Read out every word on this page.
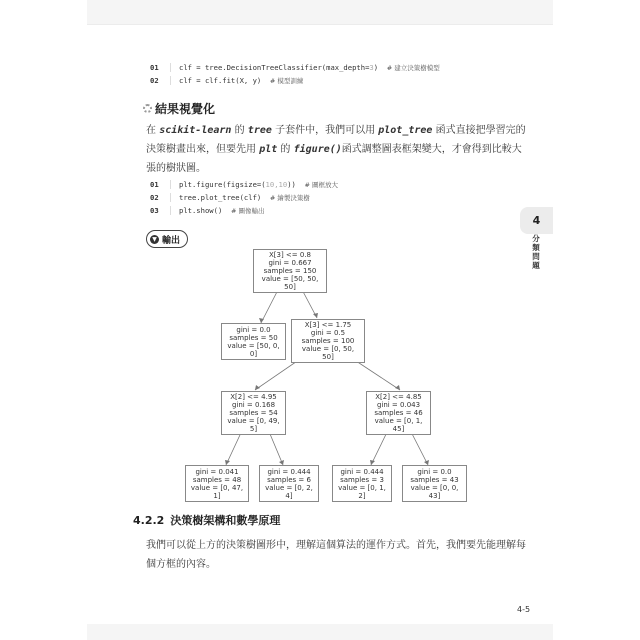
01	clf = tree.DecisionTreeClassifier(max_depth= 3 )
# 建立決策樹模型
02	clf = clf.fit(X, y)
# 模型訓練
結果視覺化
在 scikit-learn 的 tree 子套件中，我們可以用 plot_tree 函式直接把學習完的決策樹畫出來，但要先用 plt 的 figure()函式調整圖表框架變大，才會得到比較大張的樹狀圖。
01	plt.figure(figsize=( 10,10 ))
# 圖框放大
02	tree.plot_tree(clf)
# 繪製決策樹
03	plt.show()
# 圖像輸出
4
分類問題
▼ 輸出
X[3] <= 0.8
gini = 0.667
samples = 150
value = [50, 50, 50]
gini = 0.0
samples = 50
value = [50, 0, 0]
X[3] <= 1.75
gini = 0.5
samples = 100
value = [0, 50, 50]
X[2] <= 4.95
gini = 0.168
samples = 54
value = [0, 49, 5]
X[2] <= 4.85
gini = 0.043
samples = 46
value = [0, 1, 45]
gini = 0.041
samples = 48
value = [0, 47, 1]
gini = 0.444
samples = 6
value = [0, 2, 4]
gini = 0.444
samples = 3
value = [0, 1, 2]
gini = 0.0
samples = 43
value = [0, 0, 43]
4.2.2 決策樹架構和數學原理
我們可以從上方的決策樹圖形中，理解這個算法的運作方式。首先，我們要先能理解每個方框的內容。
4-5
